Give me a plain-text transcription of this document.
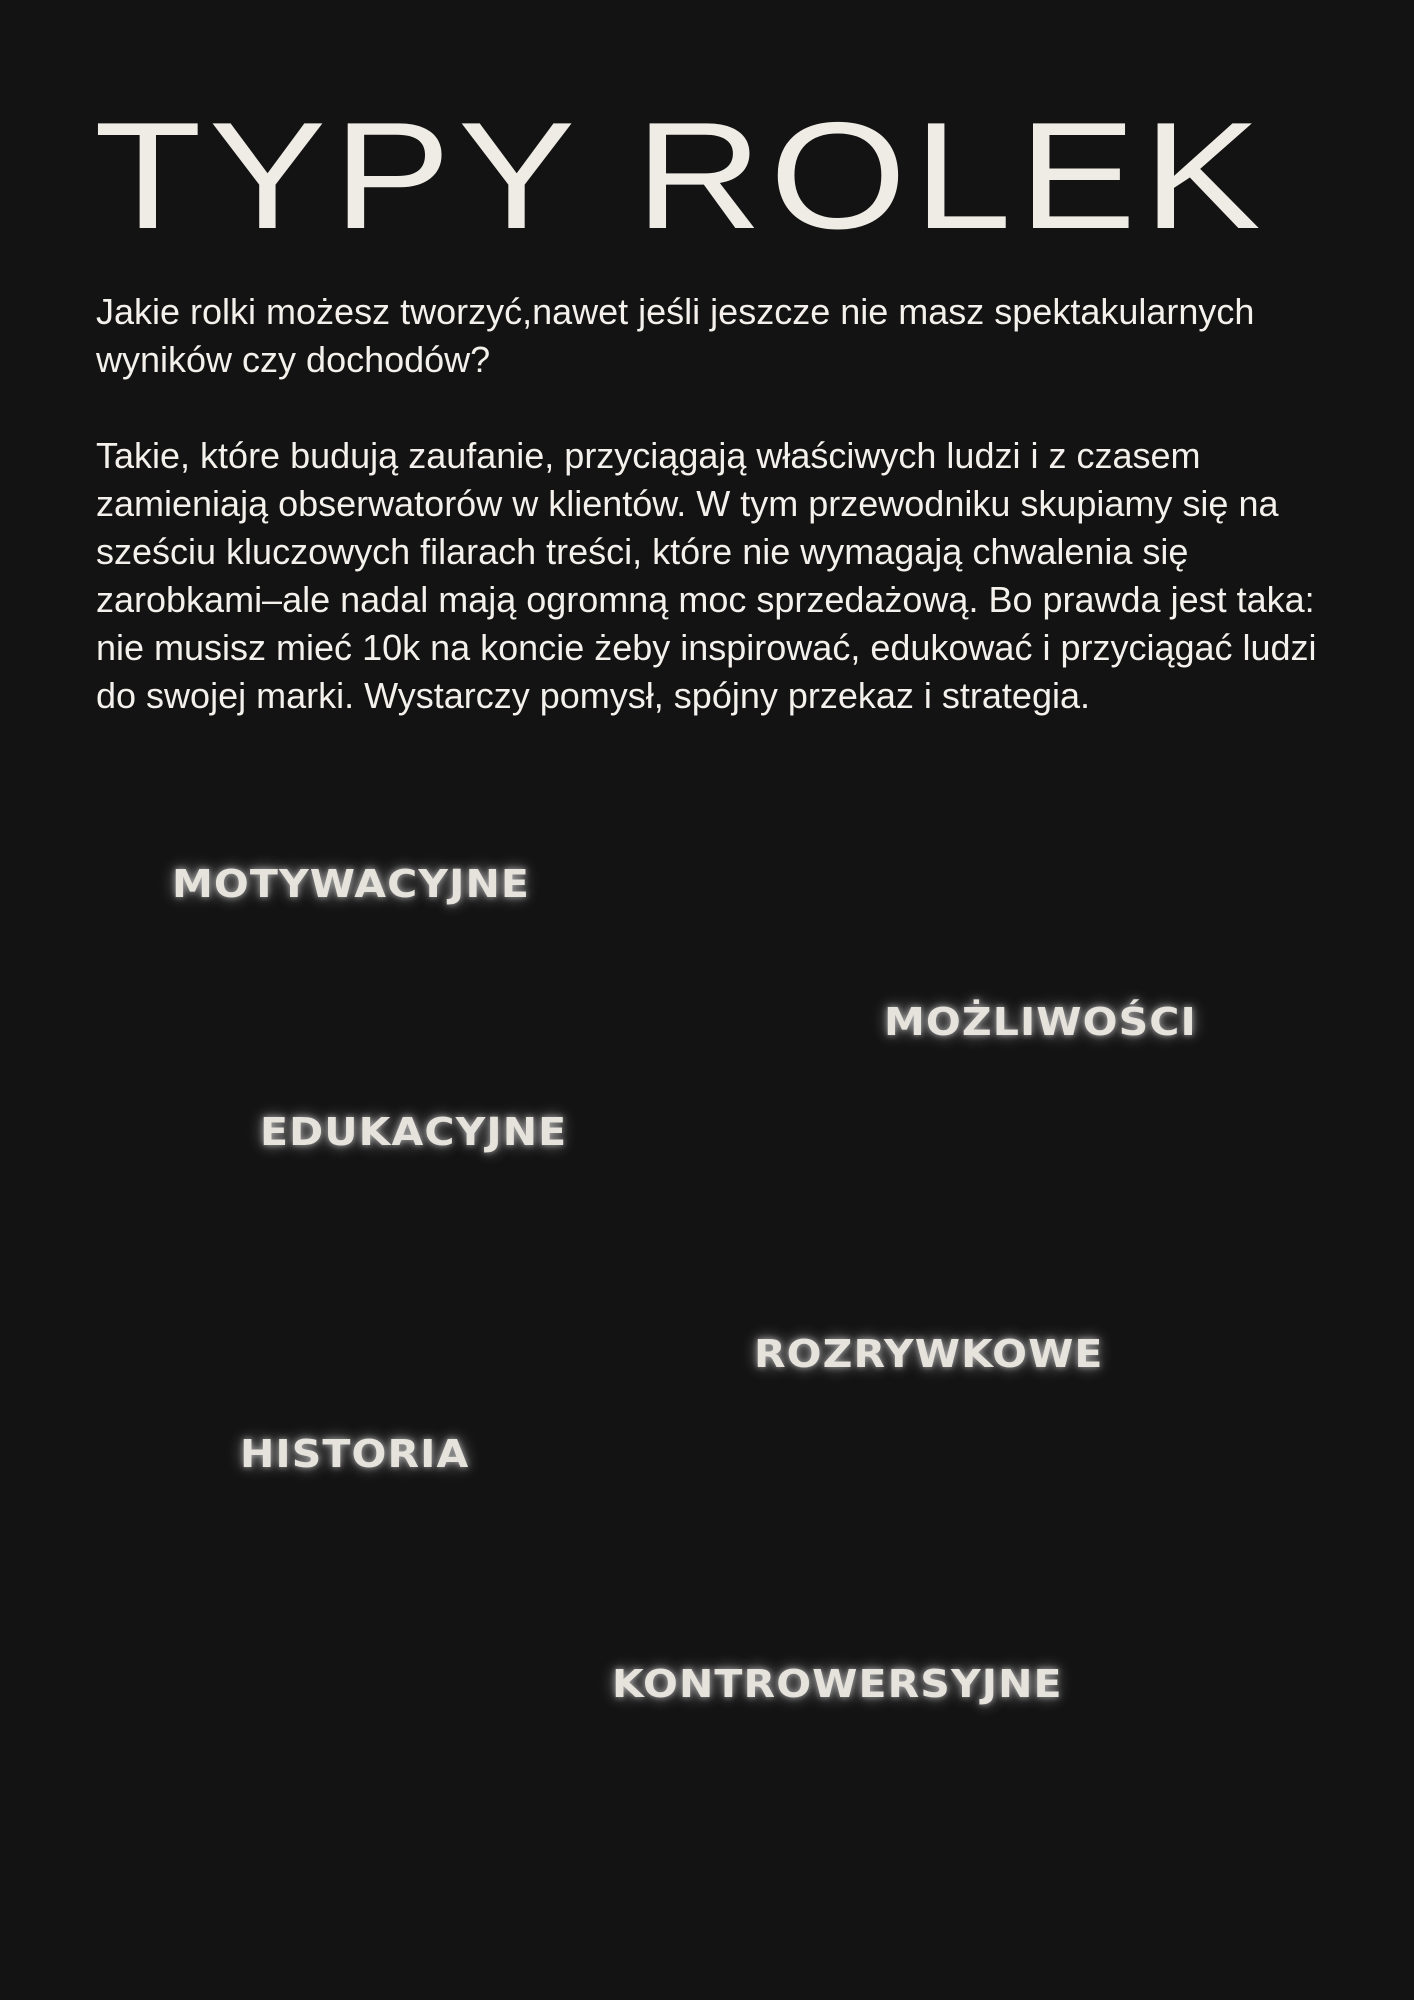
TYPY ROLEK

Jakie rolki możesz tworzyć,nawet jeśli jeszcze nie masz spektakularnych wyników czy dochodów?

Takie, które budują zaufanie, przyciągają właściwych ludzi i z czasem zamieniają obserwatorów w klientów. W tym przewodniku skupiamy się na sześciu kluczowych filarach treści, które nie wymagają chwalenia się zarobkami–ale nadal mają ogromną moc sprzedażową. Bo prawda jest taka: nie musisz mieć 10k na koncie żeby inspirować, edukować i przyciągać ludzi do swojej marki. Wystarczy pomysł, spójny przekaz i strategia.

MOTYWACYJNE
MOŻLIWOŚCI
EDUKACYJNE
ROZRYWKOWE
HISTORIA
KONTROWERSYJNE
